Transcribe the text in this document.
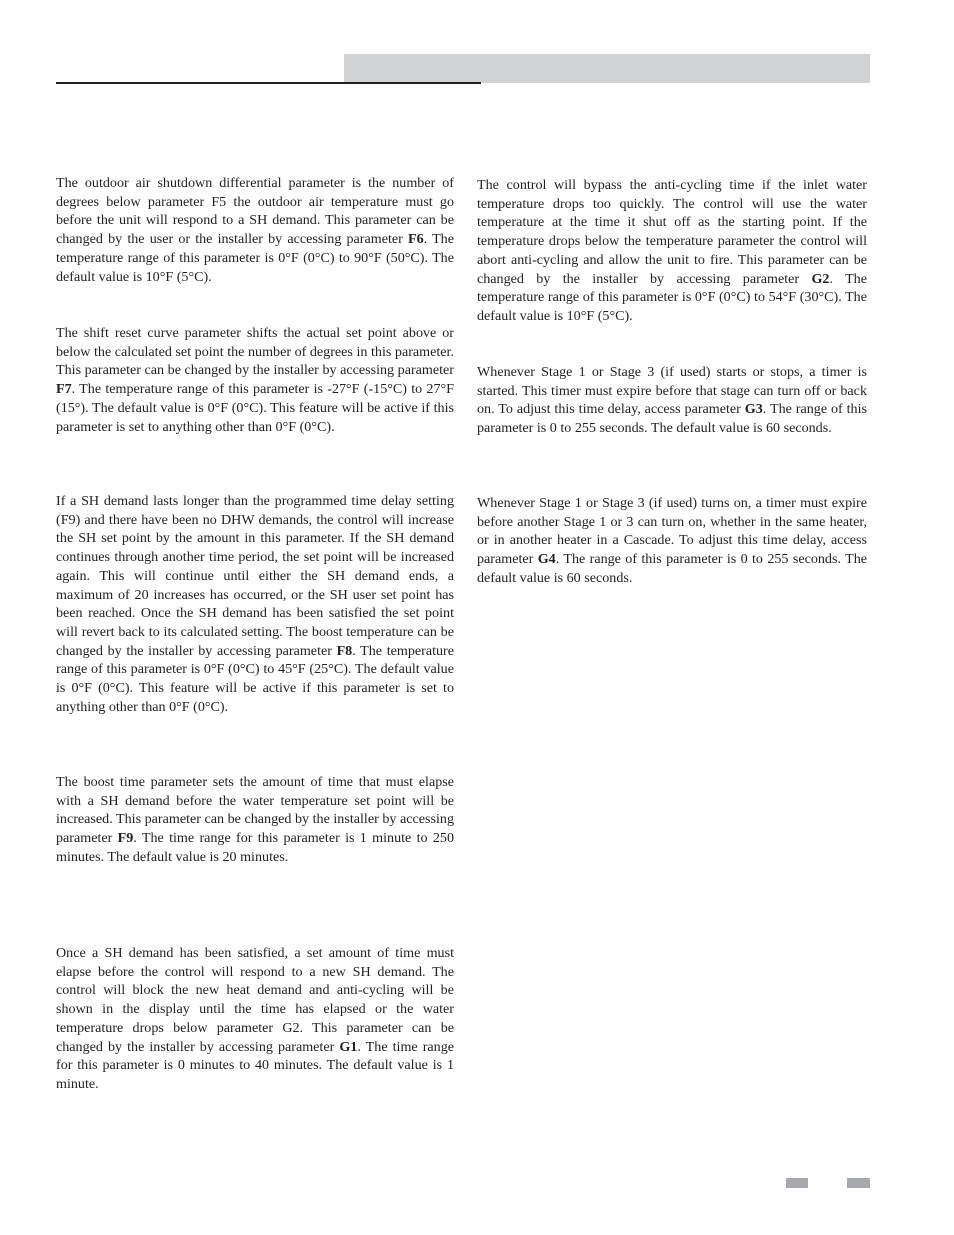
The outdoor air shutdown differential parameter is the number of degrees below parameter F5 the outdoor air temperature must go before the unit will respond to a SH demand. This parameter can be changed by the user or the installer by accessing parameter F6. The temperature range of this parameter is 0°F (0°C) to 90°F (50°C). The default value is 10°F (5°C).

The shift reset curve parameter shifts the actual set point above or below the calculated set point the number of degrees in this parameter. This parameter can be changed by the installer by accessing parameter F7. The temperature range of this parameter is -27°F (-15°C) to 27°F (15°). The default value is 0°F (0°C). This feature will be active if this parameter is set to anything other than 0°F (0°C).

If a SH demand lasts longer than the programmed time delay setting (F9) and there have been no DHW demands, the control will increase the SH set point by the amount in this parameter. If the SH demand continues through another time period, the set point will be increased again. This will continue until either the SH demand ends, a maximum of 20 increases has occurred, or the SH user set point has been reached. Once the SH demand has been satisfied the set point will revert back to its calculated setting. The boost temperature can be changed by the installer by accessing parameter F8. The temperature range of this parameter is 0°F (0°C) to 45°F (25°C). The default value is 0°F (0°C). This feature will be active if this parameter is set to anything other than 0°F (0°C).

The boost time parameter sets the amount of time that must elapse with a SH demand before the water temperature set point will be increased. This parameter can be changed by the installer by accessing parameter F9. The time range for this parameter is 1 minute to 250 minutes. The default value is 20 minutes.

Once a SH demand has been satisfied, a set amount of time must elapse before the control will respond to a new SH demand. The control will block the new heat demand and anti-cycling will be shown in the display until the time has elapsed or the water temperature drops below parameter G2. This parameter can be changed by the installer by accessing parameter G1. The time range for this parameter is 0 minutes to 40 minutes. The default value is 1 minute.

The control will bypass the anti-cycling time if the inlet water temperature drops too quickly. The control will use the water temperature at the time it shut off as the starting point. If the temperature drops below the temperature parameter the control will abort anti-cycling and allow the unit to fire. This parameter can be changed by the installer by accessing parameter G2. The temperature range of this parameter is 0°F (0°C) to 54°F (30°C). The default value is 10°F (5°C).

Whenever Stage 1 or Stage 3 (if used) starts or stops, a timer is started. This timer must expire before that stage can turn off or back on. To adjust this time delay, access parameter G3. The range of this parameter is 0 to 255 seconds. The default value is 60 seconds.

Whenever Stage 1 or Stage 3 (if used) turns on, a timer must expire before another Stage 1 or 3 can turn on, whether in the same heater, or in another heater in a Cascade. To adjust this time delay, access parameter G4. The range of this parameter is 0 to 255 seconds. The default value is 60 seconds.
